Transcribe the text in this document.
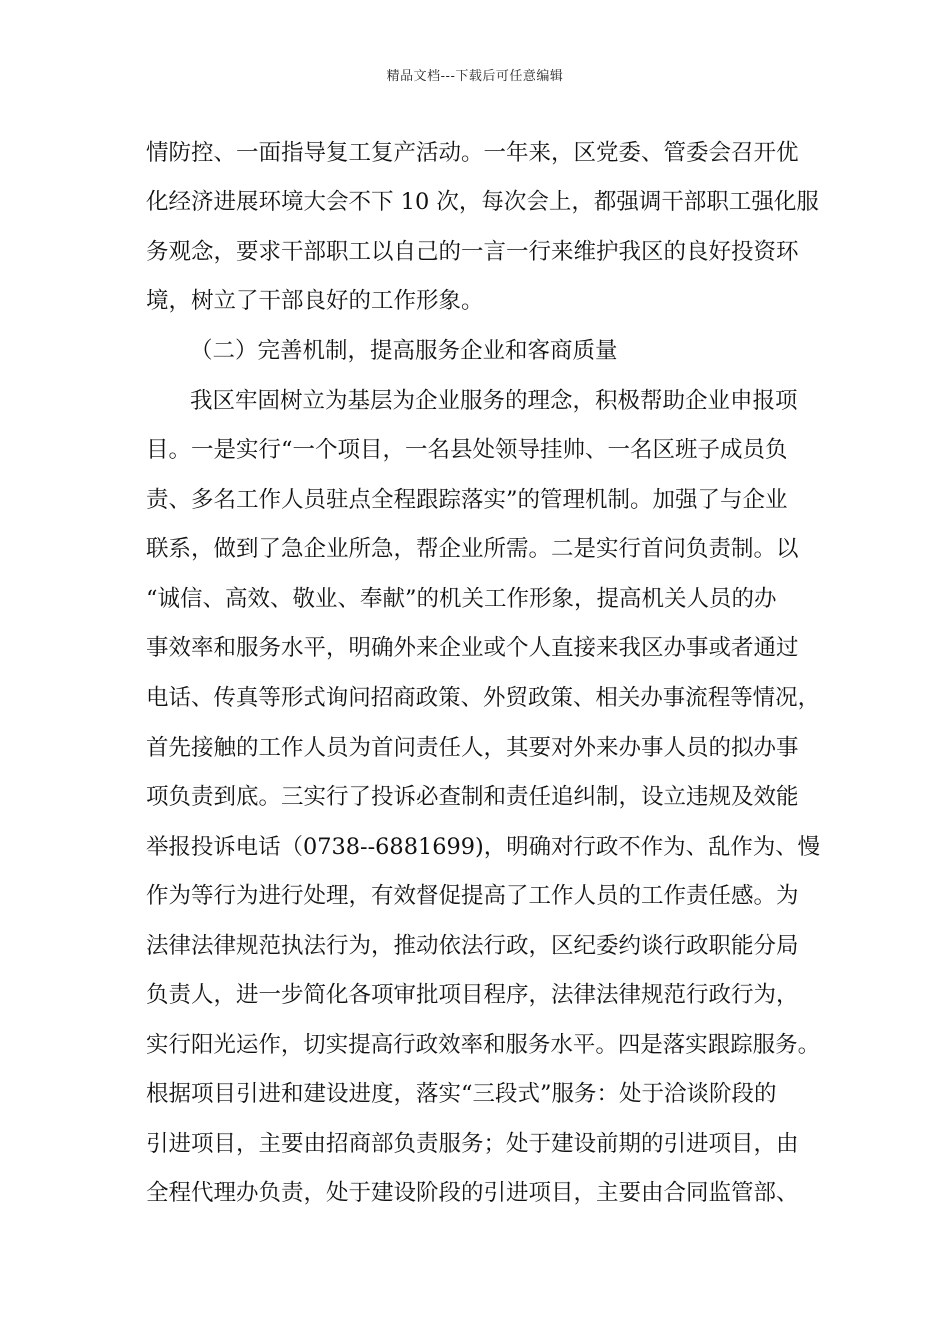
精品文档---下载后可任意编辑
情防控、一面指导复工复产活动。一年来，区党委、管委会召开优
化经济进展环境大会不下 10 次，每次会上，都强调干部职工强化服
务观念，要求干部职工以自己的一言一行来维护我区的良好投资环
境，树立了干部良好的工作形象。
（二）完善机制，提高服务企业和客商质量
我区牢固树立为基层为企业服务的理念，积极帮助企业申报项
目。一是实行“一个项目，一名县处领导挂帅、一名区班子成员负
责、多名工作人员驻点全程跟踪落实”的管理机制。加强了与企业
联系，做到了急企业所急，帮企业所需。二是实行首问负责制。以
“诚信、高效、敬业、奉献”的机关工作形象，提高机关人员的办
事效率和服务水平，明确外来企业或个人直接来我区办事或者通过
电话、传真等形式询问招商政策、外贸政策、相关办事流程等情况，
首先接触的工作人员为首问责任人，其要对外来办事人员的拟办事
项负责到底。三实行了投诉必查制和责任追纠制，设立违规及效能
举报投诉电话（0738--6881699)，明确对行政不作为、乱作为、慢
作为等行为进行处理，有效督促提高了工作人员的工作责任感。为
法律法律规范执法行为，推动依法行政，区纪委约谈行政职能分局
负责人，进一步简化各项审批项目程序，法律法律规范行政行为，
实行阳光运作，切实提高行政效率和服务水平。四是落实跟踪服务。
根据项目引进和建设进度，落实“三段式”服务：处于洽谈阶段的
引进项目，主要由招商部负责服务；处于建设前期的引进项目，由
全程代理办负责，处于建设阶段的引进项目，主要由合同监管部、
